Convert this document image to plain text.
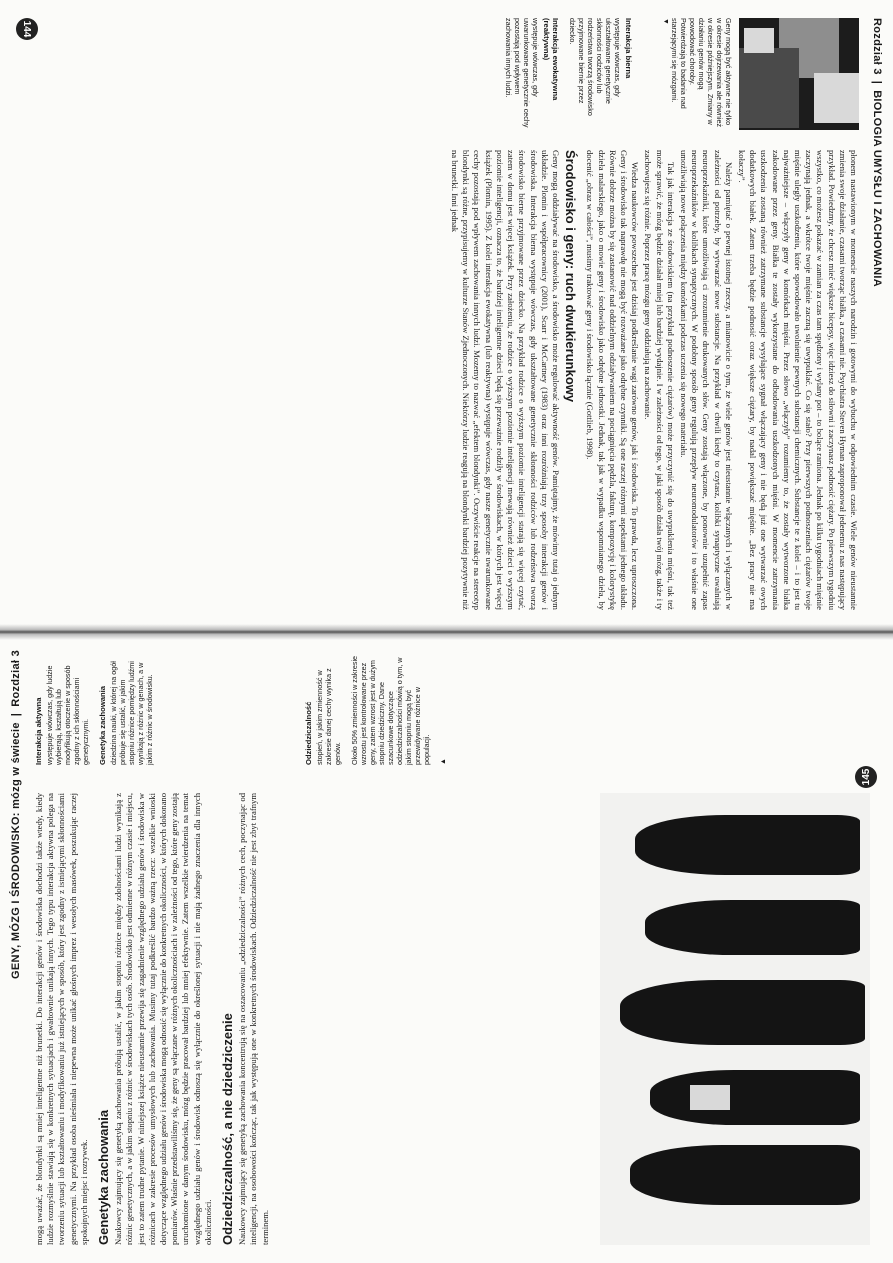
Rozdział 3|BIOLOGIA UMYSŁU I ZACHOWANIA
Geny mogą być aktywne nie tylko w okresie dojrzewania ale również w okresie późniejszym. Zmiany w działaniu genów mogą powodować choroby. Potwierdzają to badania nad starzejącymi się mózgami.
▼
Interakcja bierna
występuje wówczas, gdy ukształtowane genetycznie skłonności rodziców lub rodzeństwa tworzą środowisko przyjmowane biernie przez dziecko.
Interakcja ewokatywna (reaktywna)
występuje wówczas, gdy uwarunkowane genetycznie cechy pozostają pod wpływem zachowania innych ludzi.

płonem nastawionym w momencie naszych narodzin i gotowymi do wybuchu w odpowiednim czasie. Wiele genów nieustannie zmienia swoje działanie, czasami tworząc białka, a czasami nie. Psychiatra Steven Hyman zaproponował jedenemu z nas następujący przykład. Powiedzmy, że chcesz mieć większe bicepsy, więc idziesz do siłowni i zaczynasz podnosić ciężary. Po pierwszym tygodniu wszystko, co możesz pokazać w zamian za czas tam spędzony i wylany pot – to bolące ramiona. Jednak po kilku tygodniach mięśnie zaczynają jednak, a wkrótce twoje mięśnie zaczną się uwypuklać. Co się stało? Przy pierwszych podnoszeniach ciężarów twoje mięśnie uległy uszkodzeniu, które spowodowało uwolnienie pewnych substancji chemicznych. Substancje te z kolei – i to jest tu najważniejsze – włączyły geny w komórkach mięśni. Przez słowo „włączyły” rozumiemy to, że zostały wytworzone białka zakodowane przez geny. Białka te zostały wykorzystane do odbudowania uszkodzonych mięśni. W momencie zatrzymania uszkodzenia zostaną również zatrzymane substancje wysyłające sygnał włączający geny i nie będą już one wytwarzać owych dodatkowych białek. Zatem trzeba będzie podnosić coraz większe ciężary, by nadal powiększać mięśnie. „Bez pracy nie ma kołaczy”.

Należy pamiętać o pewnej istotnej rzeczy, a mianowicie o tym, że wiele genów jest nieustannie włączanych i wyłączanych w zależności od potrzeby, by wytwarzać nowe substancje. Na przykład w chwili kiedy to czytasz, kolibki synaptyczne uwalniają neuroprzekaźniki, które umożliwiają ci zrozumienie drukowanych słów. Geny zostają włączone, by ponownie uzupełnić zapas neuroprzekaźników w kolibkach synaptycznych. W podobny sposób geny regulują przepływ neuromodulatorów i to właśnie one umożliwiają nowe połączenia między komórkami podczas uczenia się nowego materiału.

Tak jak interakcja ze środowiskiem (na przykład podnoszenie ciężarów) może przyczynić się do uwypuklenia mięśni, tak też może sprawić, że mózg będzie działał mniej lub bardziej wydajnie. I w zależności od tego, w jaki sposób działa twój mózg, także i ty zachowujesz się różnie. Poprzez pracę mózgu geny oddziałują na zachowanie.

Wiedza naukowców powszechne jest dzisiaj podkreślanie wagi zarówno genów, jak i środowiska. To prawda, lecz uproszczona. Geny i środowisko tak naprawdę nie mogą być rozważane jako odrębne czynniki. Są one raczej różnymi aspektami jednego układu. Równie dobrze można by się zastanowić nad oddzielnym odziaływaniem na pociągnięcia pędzla, fakturę, kompozycję i kolorystykę dzieła malarskiego, jako o mowie geny i środowisko jako odrębne jednostki. Jednak, tak jak w wypadku wspomnianego dzieła, by docenić „obraz w całości”, musimy traktować geny i środowisko łącznie (Gottlieb, 1998).

Środowisko i geny: ruch dwukierunkowy

Geny mogą oddziaływać na środowisko, a środowisko może regulować aktywność genów. Pamiętajmy, że mówimy tutaj o jednym układzie. Plomin i współpracownicy (2001), Scarr i McCartney (1983) oraz inni rozróżniają trzy sposoby interakcji genów i środowiska. Interakcja bierna występuje wówczas, gdy ukształtowane genetycznie skłonności rodziców lub rodzeństwa tworzą środowisko bierne przyjmowane przez dziecko. Na przykład rodzice o wyższym poziomie inteligencji starają się więcej czytać, zatem w domu jest więcej książek. Przy założeniu, że rodzice o wyższym poziomie inteligencji mewają również dzieci o wyższym poziomie inteligencji, oznacza to, że bardziej inteligentne dzieci będą się przeważnie rodziły w środowiskach, w których jest więcej książek (Plomin, 1995). Z kolei interakcja ewokatywna (lub reaktywna) występuje wówczas, gdy nasze genetycznie uwarunkowane cechy pozostają pod wpływem zachowania innych ludzi. Mozemy to nazwać „efektem blondynki”. Oczywiście reakcje na stereotyp blondynki są różne, przypisujemy w kulturze Stanów Zjednoczonych. Niektórzy ludzie reagują na blondynki bardziej pozytywnie niż na brunetki. Inni jednak

144
GENY, MÓZG I ŚRODOWISKO: mózg w świecie|Rozdział 3

mogą uważać, że blondynki są mniej inteligentne niż brunetki. Do interakcji genów i środowiska dochodzi także wtedy, kiedy ludzie rozmyślnie stawiają się w konkretnych sytuacjach i gwałtownie unikają innych. Tego typu interakcja aktywna polega na tworzeniu sytuacji lub kształtowaniu i modyfikowaniu już istniejących w sposób, który jest zgodny z istniejącymi skłonnościami genetycznymi. Na przykład osoba nieśmiała i niepewna może unikać głośnych imprez i wesołych masówek, poszukując raczej spokojnych miejsc i rozrywek. Genetyka zachowania Naukowcy zajmujący się genetyką zachowania próbują ustalić, w jakim stopniu różnice między zdolnościami ludzi wynikają z różnic genetycznych, a w jakim stopniu z różnic w środowiskach tych osób. Środowisko jest odmienne w różnym czasie i miejscu, jest to zatem trudne pytanie. W niniejszej książce nieustannie przewija się zagadnienie względnego udziału genów i środowiska w różnicach w zakresie procesów umysłowych lub zachowania. Musimy tutaj podkreślić bardzo ważną rzecz: wszelkie wnioski dotyczące względnego udziału genów i środowiska mogą odnosić się wyłącznie do konkretnych okoliczności, w których dokonano pomiarów. Właśnie przedstawiliśmy się, że geny są włączane w różnych okolicznościach i w zależności od tego, które geny zostają uruchomione w danym środowisku, mózg będzie pracował bardziej lub mniej efektywnie. Zatem wszelkie twierdzenia na temat względnego udziału genów i środowisk odnoszą się wyłącznie do określonej sytuacji i nie mają żadnego znaczenia dla innych okoliczności. Odziedziczalność, a nie dziedziczenie Naukowcy zajmujący się genetyką zachowania koncentrują się na oszacowaniu „odziedziczalności” różnych cech, poczynając od inteligencji, na osobowości kończąc, tak jak występują one w konkretnych środowiskach. Odziedziczalność nie jest zbyt trafnym terminem.

Interakcja aktywna występuje wówczas, gdy ludzie wybierają, kształtują lub modyfikują otoczenie w sposób zgodny z ich skłonnościami genetycznymi. Genetyka zachowania dziedzina nauki, w której na ogół próbuje się ustalić, w jakim stopniu różnice pomiędzy ludźmi wynikają z różnic w genach, a w jakim z różnic w środowisku.	Odziedziczalność stopień, w jakim zmienność w zakresie danej cechy wynika z genów. Około 50% zmienności w zakresie wzrostu jest kontrolowane przez geny, zatem wzrost jest w dużym stopniu dziedziczny. Dane szacunkowe dotyczące odziedziczalności mówią o tym, w jakim stopniu mogą być przewidywane różnice w populacji. ▲
145
